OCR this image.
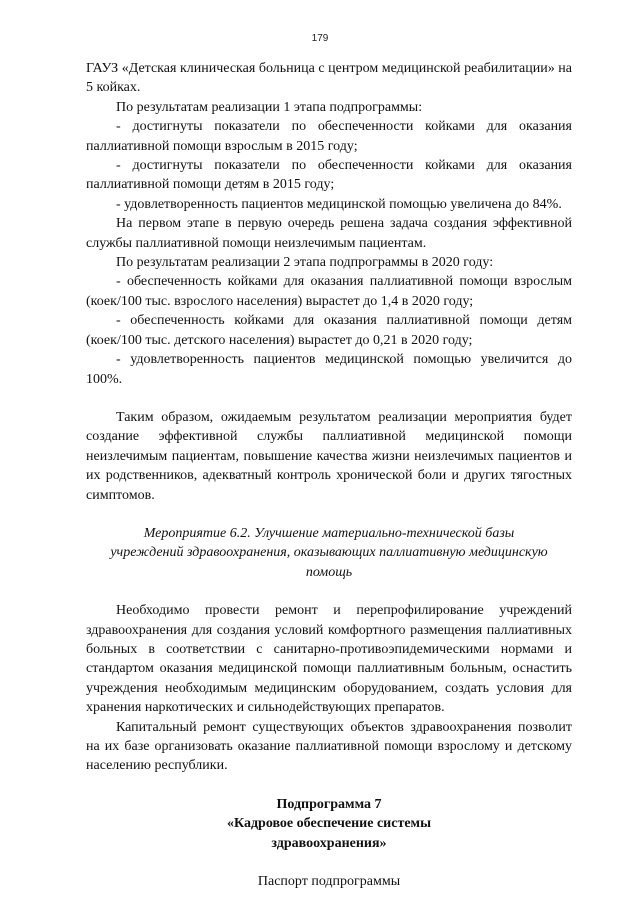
179

ГАУЗ «Детская клиническая больница с центром медицинской реабилитации» на 5 койках.

По результатам реализации 1 этапа подпрограммы:

- достигнуты показатели по обеспеченности койками для оказания паллиативной помощи взрослым в 2015 году;

- достигнуты показатели по обеспеченности койками для оказания паллиативной помощи детям в 2015 году;

- удовлетворенность пациентов медицинской помощью увеличена до 84%.

На первом этапе в первую очередь решена задача создания эффективной службы паллиативной помощи неизлечимым пациентам.

По результатам реализации 2 этапа подпрограммы в 2020 году:

- обеспеченность койками для оказания паллиативной помощи взрослым (коек/100 тыс. взрослого населения) вырастет до 1,4 в 2020 году;

- обеспеченность койками для оказания паллиативной помощи детям (коек/100 тыс. детского населения) вырастет до 0,21 в 2020 году;

- удовлетворенность пациентов медицинской помощью увеличится до 100%.

Таким образом, ожидаемым результатом реализации мероприятия будет создание эффективной службы паллиативной медицинской помощи неизлечимым пациентам, повышение качества жизни неизлечимых пациентов и их родственников, адекватный контроль хронической боли и других тягостных симптомов.

Мероприятие 6.2. Улучшение материально-технической базы учреждений здравоохранения, оказывающих паллиативную медицинскую помощь

Необходимо провести ремонт и перепрофилирование учреждений здравоохранения для создания условий комфортного размещения паллиативных больных в соответствии с санитарно-противоэпидемическими нормами и стандартом оказания медицинской помощи паллиативным больным, оснастить учреждения необходимым медицинским оборудованием, создать условия для хранения наркотических и сильнодействующих препаратов.

Капитальный ремонт существующих объектов здравоохранения позволит на их базе организовать оказание паллиативной помощи взрослому и детскому населению республики.

Подпрограмма 7

«Кадровое обеспечение системы

здравоохранения»

Паспорт подпрограммы
